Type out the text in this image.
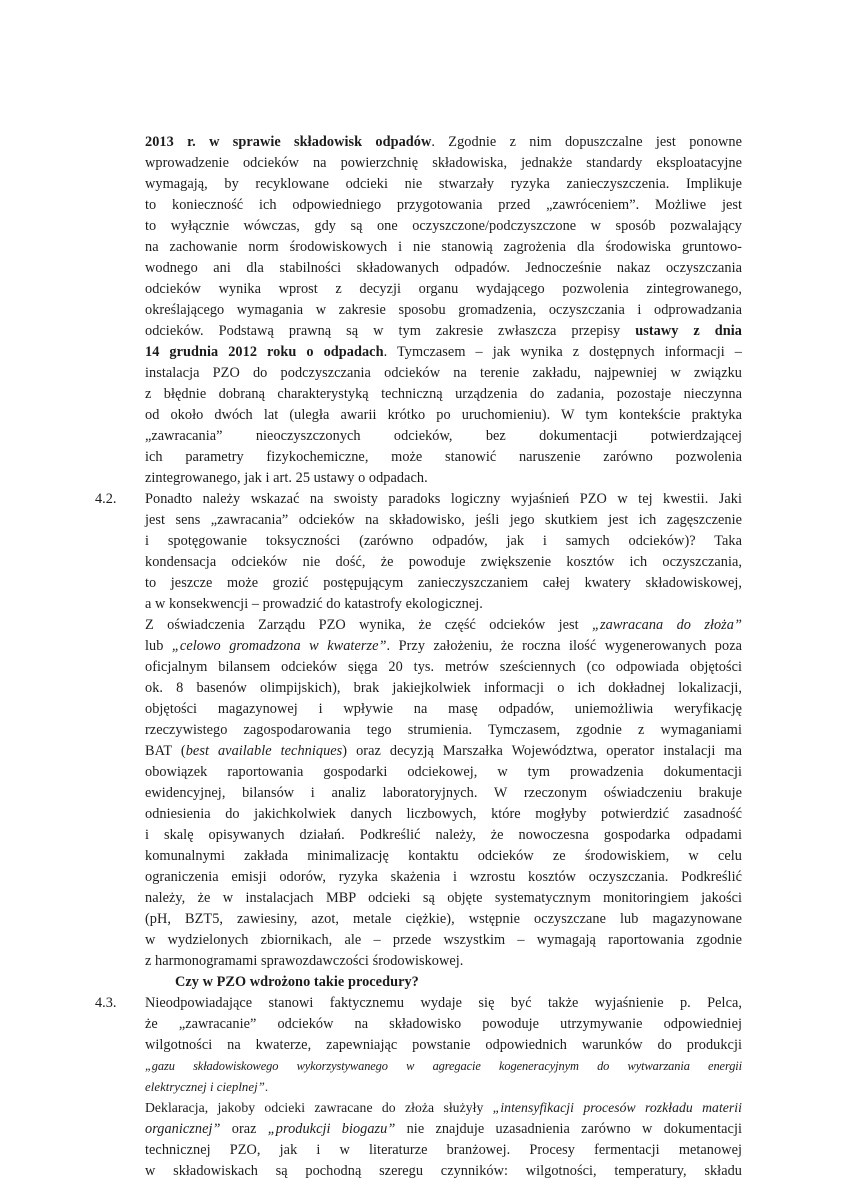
2013 r. w sprawie składowisk odpadów. Zgodnie z nim dopuszczalne jest ponowne
wprowadzenie odcieków na powierzchnię składowiska, jednakże standardy eksploatacyjne
wymagają, by recyklowane odcieki nie stwarzały ryzyka zanieczyszczenia. Implikuje
to konieczność ich odpowiedniego przygotowania przed „zawróceniem”. Możliwe jest
to wyłącznie wówczas, gdy są one oczyszczone/podczyszczone w sposób pozwalający
na zachowanie norm środowiskowych i nie stanowią zagrożenia dla środowiska gruntowo-
wodnego ani dla stabilności składowanych odpadów. Jednocześnie nakaz oczyszczania
odcieków wynika wprost z decyzji organu wydającego pozwolenia zintegrowanego,
określającego wymagania w zakresie sposobu gromadzenia, oczyszczania i odprowadzania
odcieków. Podstawą prawną są w tym zakresie zwłaszcza przepisy ustawy z dnia
14 grudnia 2012 roku o odpadach. Tymczasem – jak wynika z dostępnych informacji –
instalacja PZO do podczyszczania odcieków na terenie zakładu, najpewniej w związku
z błędnie dobraną charakterystyką techniczną urządzenia do zadania, pozostaje nieczynna
od około dwóch lat (uległa awarii krótko po uruchomieniu). W tym kontekście praktyka
„zawracania” nieoczyszczonych odcieków, bez dokumentacji potwierdzającej
ich parametry fizykochemiczne, może stanowić naruszenie zarówno pozwolenia
zintegrowanego, jak i art. 25 ustawy o odpadach.
4.2. Ponadto należy wskazać na swoisty paradoks logiczny wyjaśnień PZO w tej kwestii. Jaki
jest sens „zawracania” odcieków na składowisko, jeśli jego skutkiem jest ich zagęszczenie
i spotęgowanie toksyczności (zarówno odpadów, jak i samych odcieków)? Taka
kondensacja odcieków nie dość, że powoduje zwiększenie kosztów ich oczyszczania,
to jeszcze może grozić postępującym zanieczyszczaniem całej kwatery składowiskowej,
a w konsekwencji – prowadzić do katastrofy ekologicznej.
Z oświadczenia Zarządu PZO wynika, że część odcieków jest „zawracana do złoża”
lub „celowo gromadzona w kwaterze”. Przy założeniu, że roczna ilość wygenerowanych poza
oficjalnym bilansem odcieków sięga 20 tys. metrów sześciennych (co odpowiada objętości
ok. 8 basenów olimpijskich), brak jakiejkolwiek informacji o ich dokładnej lokalizacji,
objętości magazynowej i wpływie na masę odpadów, uniemożliwia weryfikację
rzeczywistego zagospodarowania tego strumienia. Tymczasem, zgodnie z wymaganiami
BAT (best available techniques) oraz decyzją Marszałka Województwa, operator instalacji ma
obowiązek raportowania gospodarki odciekowej, w tym prowadzenia dokumentacji
ewidencyjnej, bilansów i analiz laboratoryjnych. W rzeczonym oświadczeniu brakuje
odniesienia do jakichkolwiek danych liczbowych, które mogłyby potwierdzić zasadność
i skalę opisywanych działań. Podkreślić należy, że nowoczesna gospodarka odpadami
komunalnymi zakłada minimalizację kontaktu odcieków ze środowiskiem, w celu
ograniczenia emisji odorów, ryzyka skażenia i wzrostu kosztów oczyszczania. Podkreślić
należy, że w instalacjach MBP odcieki są objęte systematycznym monitoringiem jakości
(pH, BZT5, zawiesiny, azot, metale ciężkie), wstępnie oczyszczane lub magazynowane
w wydzielonych zbiornikach, ale – przede wszystkim – wymagają raportowania zgodnie
z harmonogramami sprawozdawczości środowiskowej.
Czy w PZO wdrożono takie procedury?
4.3. Nieodpowiadające stanowi faktycznemu wydaje się być także wyjaśnienie p. Pelca,
że „zawracanie” odcieków na składowisko powoduje utrzymywanie odpowiedniej
wilgotności na kwaterze, zapewniając powstanie odpowiednich warunków do produkcji
„gazu składowiskowego wykorzystywanego w agregacie kogeneracyjnym do wytwarzania energii
elektrycznej i cieplnej”.
Deklaracja, jakoby odcieki zawracane do złoża służyły „intensyfikacji procesów rozkładu materii
organicznej” oraz „produkcji biogazu” nie znajduje uzasadnienia zarówno w dokumentacji
technicznej PZO, jak i w literaturze branżowej. Procesy fermentacji metanowej
w składowiskach są pochodną szeregu czynników: wilgotności, temperatury, składu
